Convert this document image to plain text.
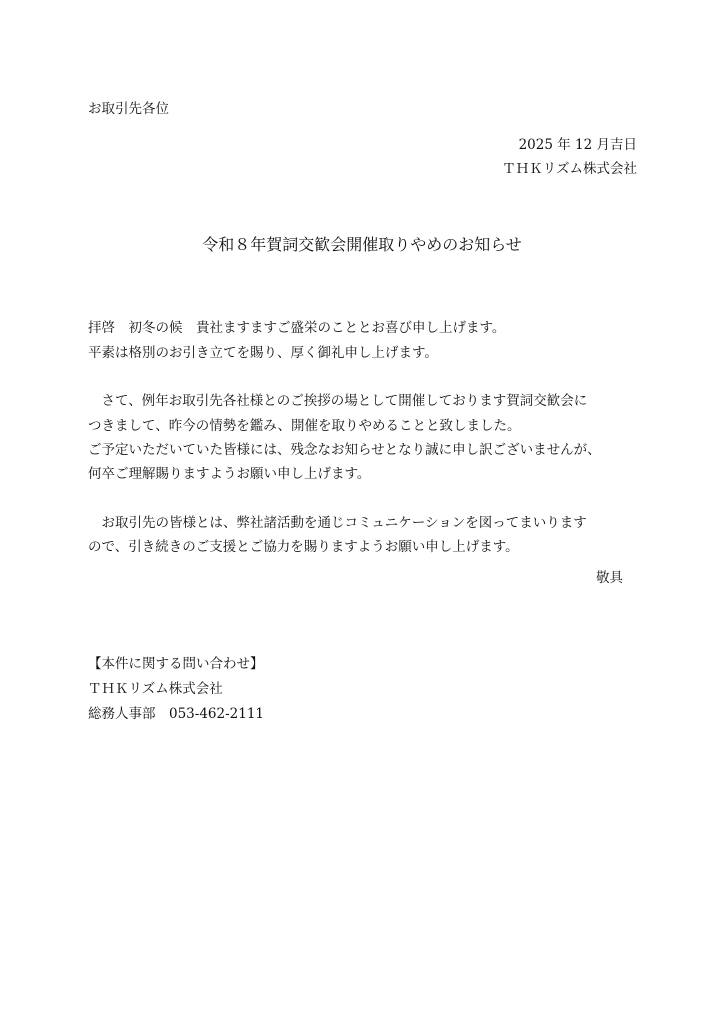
お取引先各位
2025 年 12 月吉日
ＴＨＫリズム株式会社
令和８年賀詞交歓会開催取りやめのお知らせ
拝啓　初冬の候　貴社ますますご盛栄のこととお喜び申し上げます。
平素は格別のお引き立てを賜り、厚く御礼申し上げます。
　さて、例年お取引先各社様とのご挨拶の場として開催しております賀詞交歓会に
つきまして、昨今の情勢を鑑み、開催を取りやめることと致しました。
ご予定いただいていた皆様には、残念なお知らせとなり誠に申し訳ございませんが、
何卒ご理解賜りますようお願い申し上げます。
　お取引先の皆様とは、弊社諸活動を通じコミュニケーションを図ってまいります
ので、引き続きのご支援とご協力を賜りますようお願い申し上げます。
敬具
【本件に関する問い合わせ】
ＴＨＫリズム株式会社
総務人事部　053-462-2111
